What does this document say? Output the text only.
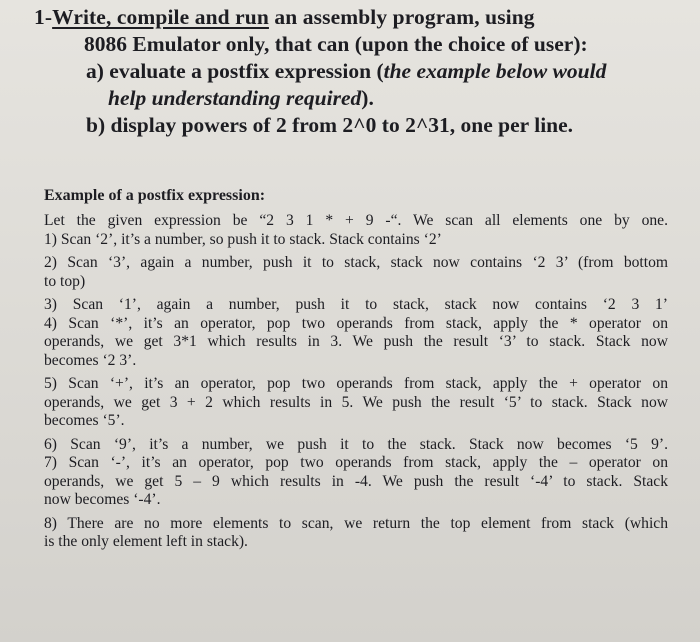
1-Write, compile and run an assembly program, using
8086 Emulator only, that can (upon the choice of user):
a) evaluate a postfix expression (the example below would
help understanding required).
b) display powers of 2 from 2^0 to 2^31, one per line.
Example of a postfix expression:
Let the given expression be “2 3 1 * + 9 -“. We scan all elements one by one.
1) Scan ‘2’, it’s a number, so push it to stack. Stack contains ‘2’
2) Scan ‘3’, again a number, push it to stack, stack now contains ‘2 3’ (from bottom
to top)
3) Scan ‘1’, again a number, push it to stack, stack now contains ‘2 3 1’
4) Scan ‘*’, it’s an operator, pop two operands from stack, apply the * operator on
operands, we get 3*1 which results in 3. We push the result ‘3’ to stack. Stack now
becomes ‘2 3’.
5) Scan ‘+’, it’s an operator, pop two operands from stack, apply the + operator on
operands, we get 3 + 2 which results in 5. We push the result ‘5’ to stack. Stack now
becomes ‘5’.
6) Scan ‘9’, it’s a number, we push it to the stack. Stack now becomes ‘5 9’.
7) Scan ‘-’, it’s an operator, pop two operands from stack, apply the – operator on
operands, we get 5 – 9 which results in -4. We push the result ‘-4’ to stack. Stack
now becomes ‘-4’.
8) There are no more elements to scan, we return the top element from stack (which
is the only element left in stack).
